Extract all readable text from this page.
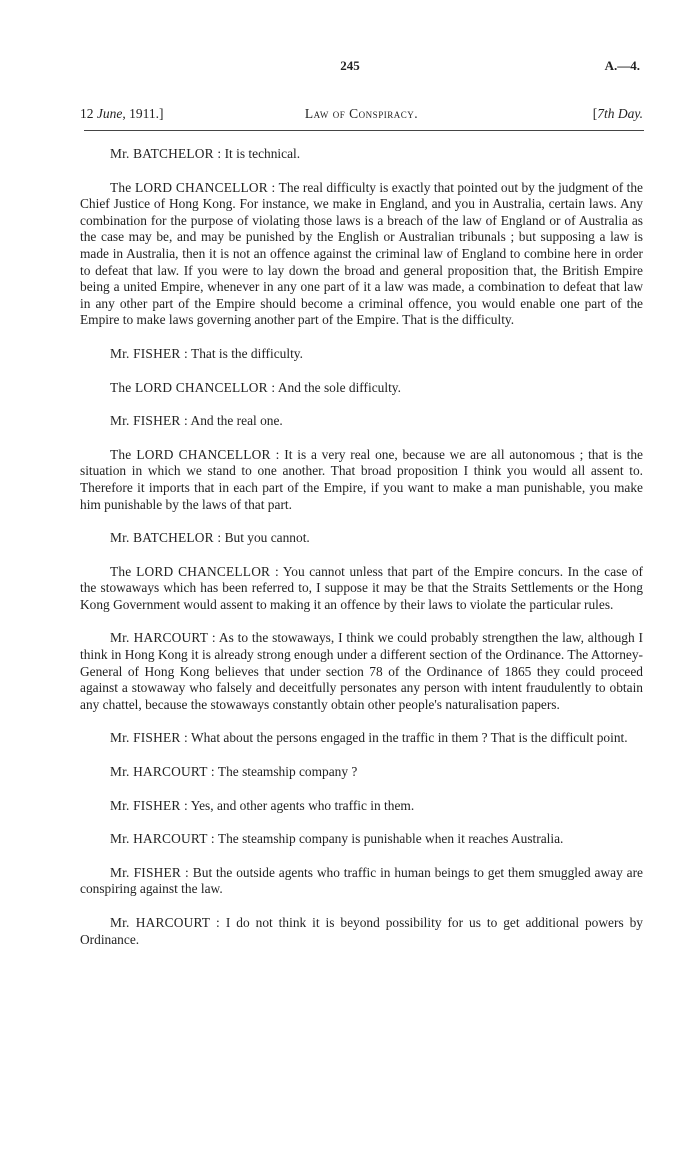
245	A.—4.
12 June, 1911.]	Law of Conspiracy.	[7th Day.

Mr. BATCHELOR : It is technical.

The LORD CHANCELLOR : The real difficulty is exactly that pointed out by the judgment of the Chief Justice of Hong Kong. For instance, we make in England, and you in Australia, certain laws. Any combination for the purpose of violating those laws is a breach of the law of England or of Australia as the case may be, and may be punished by the English or Australian tribunals ; but supposing a law is made in Australia, then it is not an offence against the criminal law of England to combine here in order to defeat that law. If you were to lay down the broad and general proposition that, the British Empire being a united Empire, whenever in any one part of it a law was made, a combination to defeat that law in any other part of the Empire should become a criminal offence, you would enable one part of the Empire to make laws governing another part of the Empire. That is the difficulty.

Mr. FISHER : That is the difficulty.

The LORD CHANCELLOR : And the sole difficulty.

Mr. FISHER : And the real one.

The LORD CHANCELLOR : It is a very real one, because we are all autonomous ; that is the situation in which we stand to one another. That broad proposition I think you would all assent to. Therefore it imports that in each part of the Empire, if you want to make a man punishable, you make him punishable by the laws of that part.

Mr. BATCHELOR : But you cannot.

The LORD CHANCELLOR : You cannot unless that part of the Empire concurs. In the case of the stowaways which has been referred to, I suppose it may be that the Straits Settlements or the Hong Kong Government would assent to making it an offence by their laws to violate the particular rules.

Mr. HARCOURT : As to the stowaways, I think we could probably strengthen the law, although I think in Hong Kong it is already strong enough under a different section of the Ordinance. The Attorney-General of Hong Kong believes that under section 78 of the Ordinance of 1865 they could proceed against a stowaway who falsely and deceitfully personates any person with intent fraudulently to obtain any chattel, because the stowaways constantly obtain other people's naturalisation papers.

Mr. FISHER : What about the persons engaged in the traffic in them ? That is the difficult point.

Mr. HARCOURT : The steamship company ?

Mr. FISHER : Yes, and other agents who traffic in them.

Mr. HARCOURT : The steamship company is punishable when it reaches Australia.

Mr. FISHER : But the outside agents who traffic in human beings to get them smuggled away are conspiring against the law.

Mr. HARCOURT : I do not think it is beyond possibility for us to get additional powers by Ordinance.
